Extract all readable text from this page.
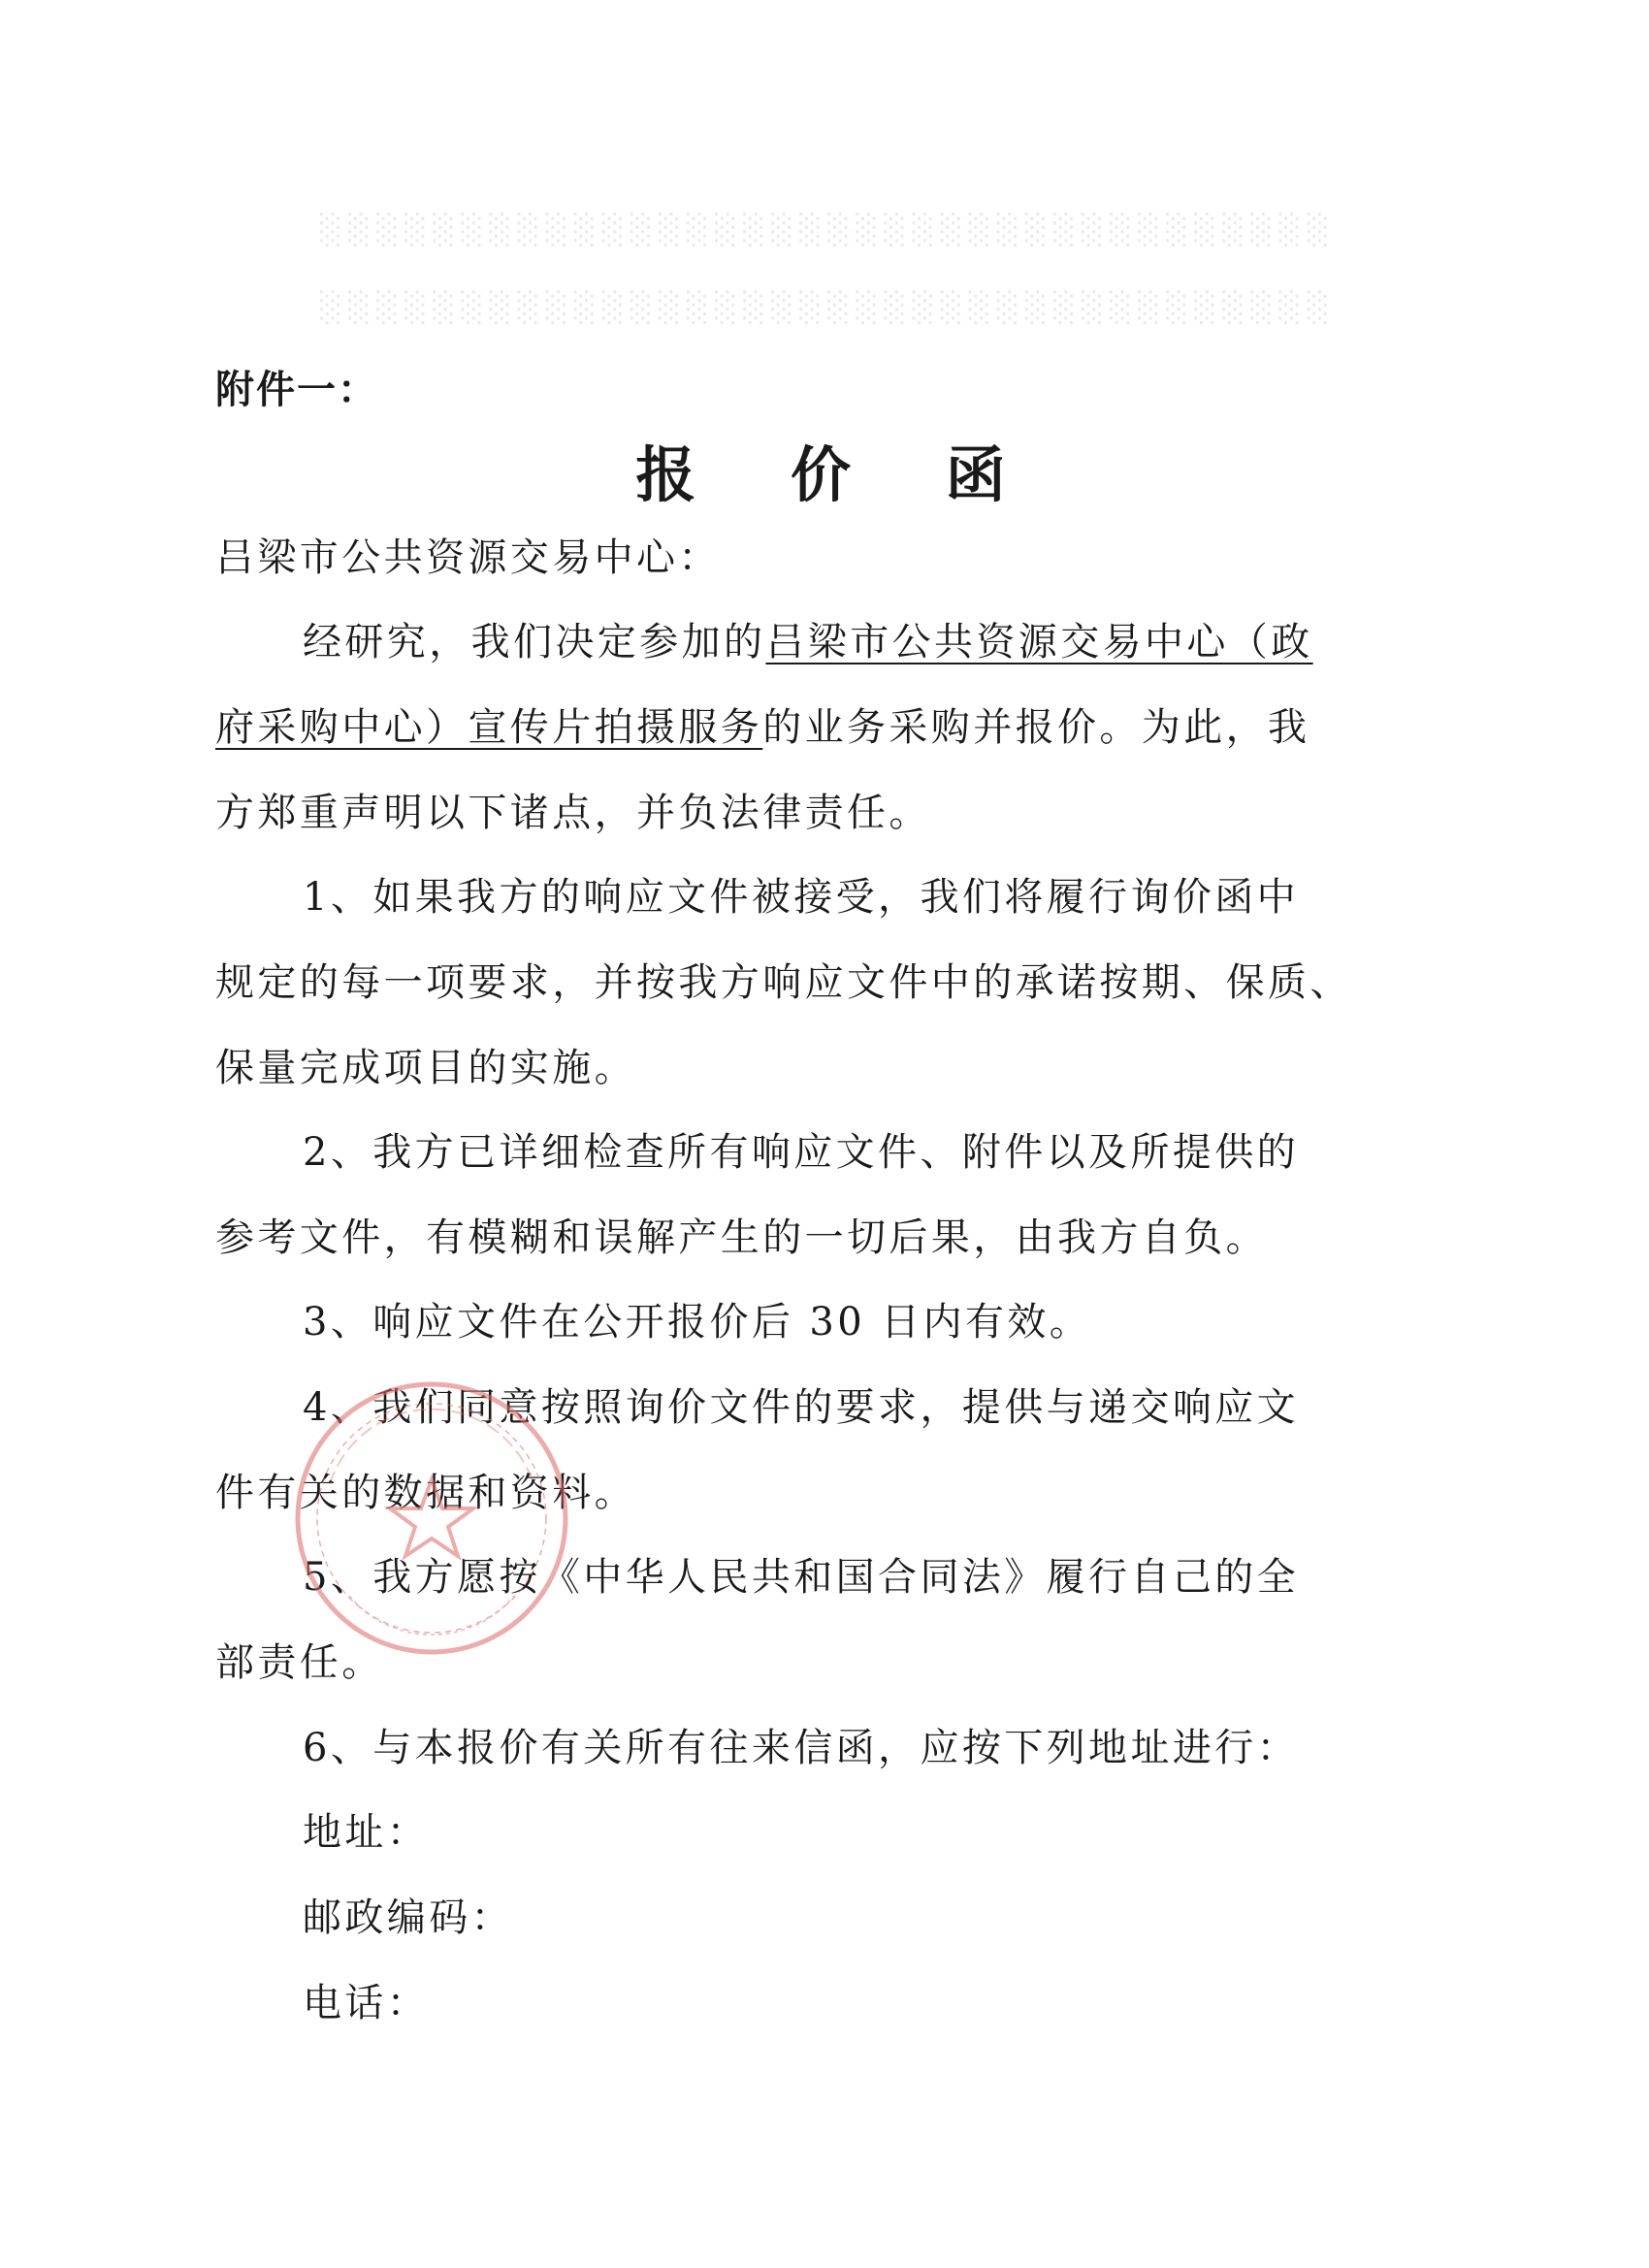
░░░░░░░░░░░░░░░░░░░░░░░░░░░░░░░░░░░░
░░░░░░░░░░░░░░░░░░░░░░░░░░░░░░░░░░░░
附件一：
报 价 函
吕梁市公共资源交易中心：
经研究，我们决定参加的吕梁市公共资源交易中心（政
府采购中心）宣传片拍摄服务的业务采购并报价。为此，我
方郑重声明以下诸点，并负法律责任。
1、如果我方的响应文件被接受，我们将履行询价函中
规定的每一项要求，并按我方响应文件中的承诺按期、保质、
保量完成项目的实施。
2、我方已详细检查所有响应文件、附件以及所提供的
参考文件，有模糊和误解产生的一切后果，由我方自负。
3、响应文件在公开报价后 30 日内有效。
4、我们同意按照询价文件的要求，提供与递交响应文
件有关的数据和资料。
5、我方愿按《中华人民共和国合同法》履行自己的全
部责任。
6、与本报价有关所有往来信函，应按下列地址进行：
地址：
邮政编码：
电话：
